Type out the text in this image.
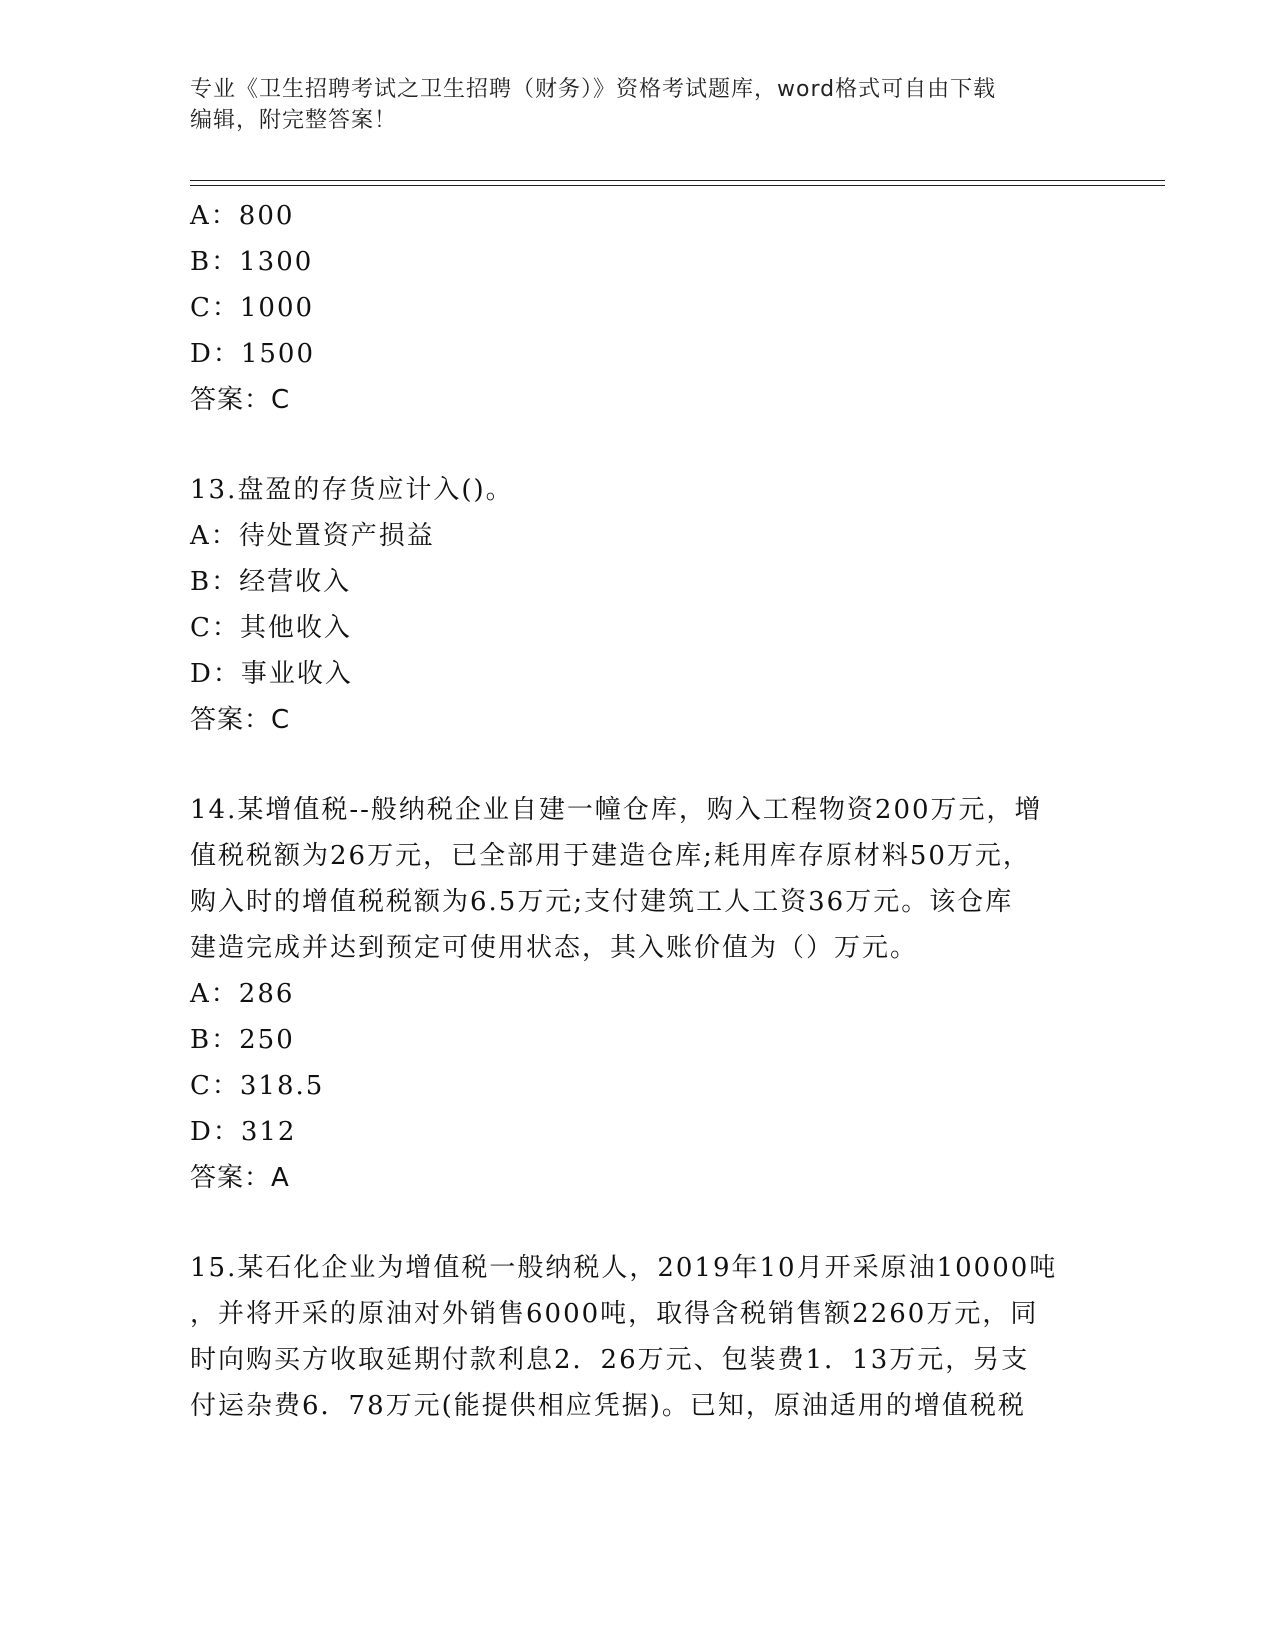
专业《卫生招聘考试之卫生招聘（财务）》资格考试题库，word格式可自由下载
编辑，附完整答案！
A：800
B：1300
C：1000
D：1500
答案：C
13.盘盈的存货应计入()。
A：待处置资产损益
B：经营收入
C：其他收入
D：事业收入
答案：C
14.某增值税--般纳税企业自建一幢仓库，购入工程物资200万元，增
值税税额为26万元，已全部用于建造仓库;耗用库存原材料50万元，
购入时的增值税税额为6.5万元;支付建筑工人工资36万元。该仓库
建造完成并达到预定可使用状态，其入账价值为（）万元。
A：286
B：250
C：318.5
D：312
答案：A
15.某石化企业为增值税一般纳税人，2019年10月开采原油10000吨
，并将开采的原油对外销售6000吨，取得含税销售额2260万元，同
时向购买方收取延期付款利息2．26万元、包装费1．13万元，另支
付运杂费6．78万元(能提供相应凭据)。已知，原油适用的增值税税
